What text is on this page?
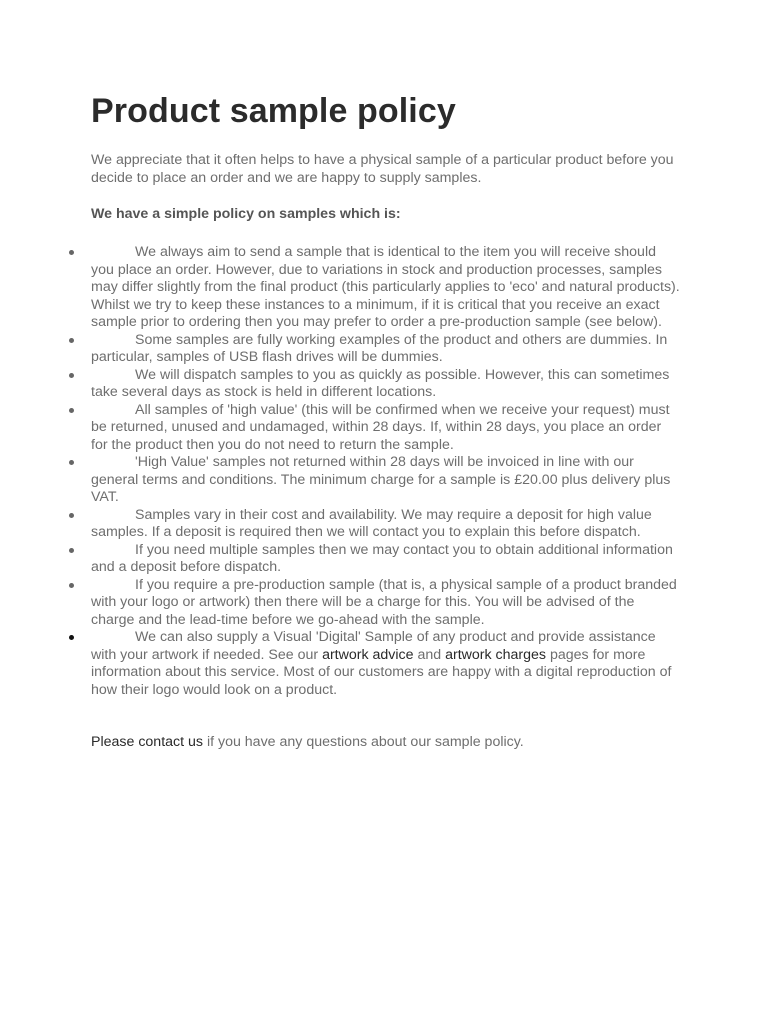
Product sample policy

We appreciate that it often helps to have a physical sample of a particular product before you decide to place an order and we are happy to supply samples.

We have a simple policy on samples which is:

We always aim to send a sample that is identical to the item you will receive should you place an order. However, due to variations in stock and production processes, samples may differ slightly from the final product (this particularly applies to 'eco' and natural products). Whilst we try to keep these instances to a minimum, if it is critical that you receive an exact sample prior to ordering then you may prefer to order a pre-production sample (see below).
Some samples are fully working examples of the product and others are dummies. In particular, samples of USB flash drives will be dummies.
We will dispatch samples to you as quickly as possible. However, this can sometimes take several days as stock is held in different locations.
All samples of 'high value' (this will be confirmed when we receive your request) must be returned, unused and undamaged, within 28 days. If, within 28 days, you place an order for the product then you do not need to return the sample.
'High Value' samples not returned within 28 days will be invoiced in line with our general terms and conditions. The minimum charge for a sample is £20.00 plus delivery plus VAT.
Samples vary in their cost and availability. We may require a deposit for high value samples. If a deposit is required then we will contact you to explain this before dispatch.
If you need multiple samples then we may contact you to obtain additional information and a deposit before dispatch.
If you require a pre-production sample (that is, a physical sample of a product branded with your logo or artwork) then there will be a charge for this. You will be advised of the charge and the lead-time before we go-ahead with the sample.
We can also supply a Visual 'Digital' Sample of any product and provide assistance with your artwork if needed. See our artwork advice and artwork charges pages for more information about this service. Most of our customers are happy with a digital reproduction of how their logo would look on a product.

Please contact us if you have any questions about our sample policy.
